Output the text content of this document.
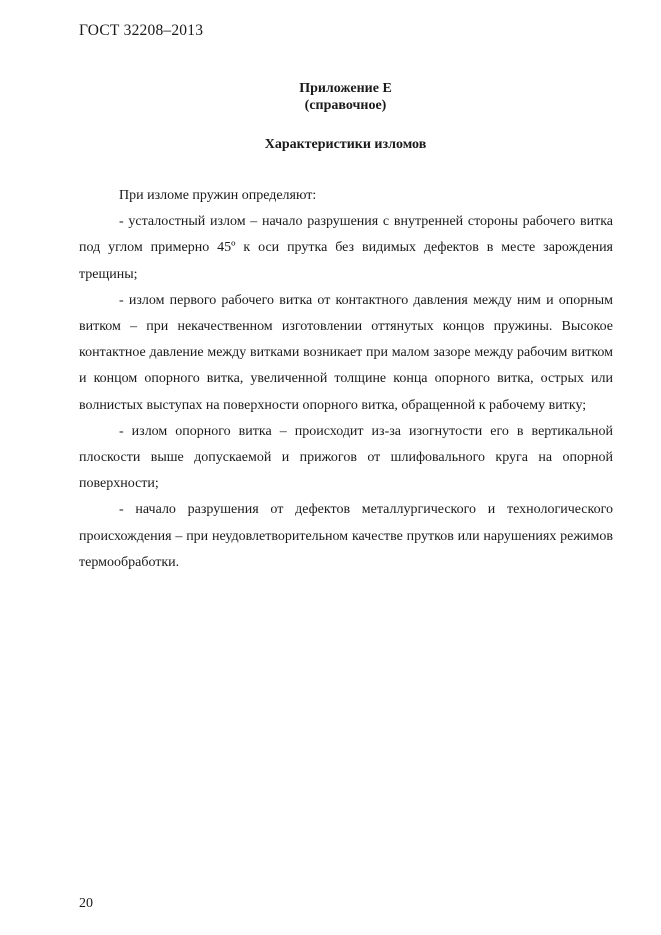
ГОСТ 32208–2013
Приложение Е
(справочное)
Характеристики изломов

При изломе пружин определяют:

- усталостный излом – начало разрушения с внутренней стороны рабочего витка под углом примерно 45º к оси прутка без видимых дефектов в месте зарождения трещины;

- излом первого рабочего витка от контактного давления между ним и опорным витком – при некачественном изготовлении оттянутых концов пружины. Высокое контактное давление между витками возникает при малом зазоре между рабочим витком и концом опорного витка, увеличенной толщине конца опорного витка, острых или волнистых выступах на поверхности опорного витка, обращенной к рабочему витку;

- излом опорного витка – происходит из-за изогнутости его в вертикальной плоскости выше допускаемой и прижогов от шлифовального круга на опорной поверхности;

- начало разрушения от дефектов металлургического и технологического происхождения – при неудовлетворительном качестве прутков или нарушениях режимов термообработки.

20
